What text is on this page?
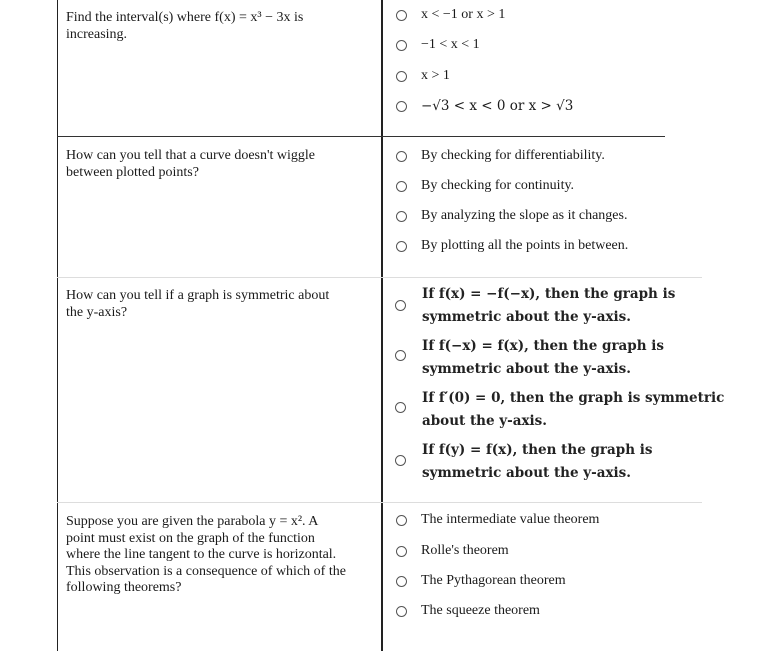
Find the interval(s) where f(x) = x³ − 3x is
increasing.
x < −1 or x > 1
−1 < x < 1
x > 1
−√3 < x < 0 or x > √3
How can you tell that a curve doesn't wiggle
between plotted points?
By checking for differentiability.
By checking for continuity.
By analyzing the slope as it changes.
By plotting all the points in between.
How can you tell if a graph is symmetric about
the y-axis?
If f(x) = −f(−x), then the graph is
symmetric about the y-axis.
If f(−x) = f(x), then the graph is
symmetric about the y-axis.
If f′(0) = 0, then the graph is symmetric
about the y-axis.
If f(y) = f(x), then the graph is
symmetric about the y-axis.
Suppose you are given the parabola y = x². A
point must exist on the graph of the function
where the line tangent to the curve is horizontal.
This observation is a consequence of which of the
following theorems?
The intermediate value theorem
Rolle's theorem
The Pythagorean theorem
The squeeze theorem
